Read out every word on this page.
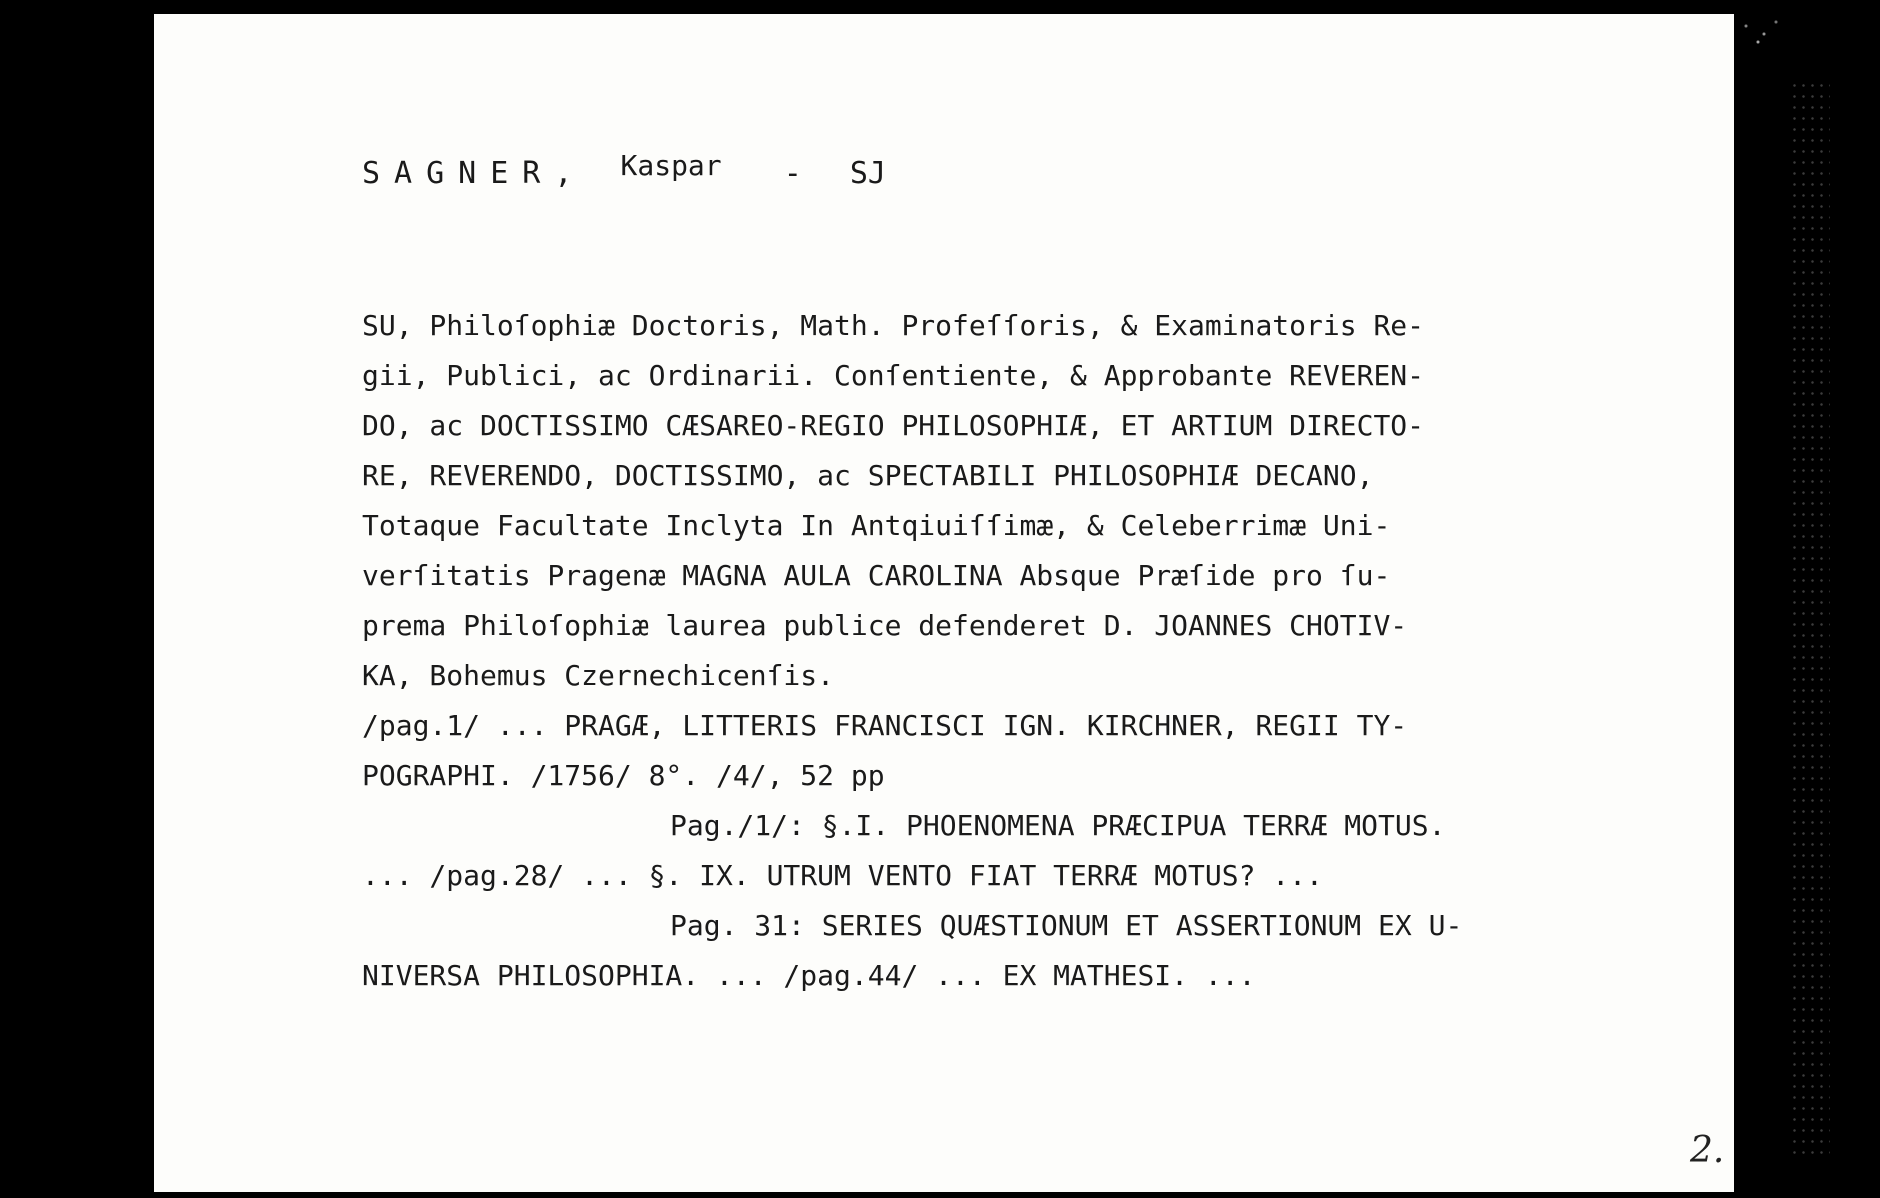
SAGNER, Kaspar - SJ
SU, Philoſophiæ Doctoris, Math. Profeſſoris, & Examinatoris Re-
gii, Publici, ac Ordinarii. Conſentiente, & Approbante REVEREN-
DO, ac DOCTISSIMO CÆSAREO-REGIO PHILOSOPHIÆ, ET ARTIUM DIRECTO-
RE, REVERENDO, DOCTISSIMO, ac SPECTABILI PHILOSOPHIÆ DECANO,
Totaque Facultate Inclyta In Antqiuiſſimæ, & Celeberrimæ Uni-
verſitatis Pragenæ MAGNA AULA CAROLINA Absque Præſide pro ſu-
prema Philoſophiæ laurea publice defenderet D. JOANNES CHOTIV-
KA, Bohemus Czernechicenſis.
/pag.1/ ... PRAGÆ, LITTERIS FRANCISCI IGN. KIRCHNER, REGII TY-
POGRAPHI. /1756/ 8°. /4/, 52 pp
Pag./1/: §.I. PHOENOMENA PRÆCIPUA TERRÆ MOTUS.
... /pag.28/ ... §. IX. UTRUM VENTO FIAT TERRÆ MOTUS? ...
Pag. 31: SERIES QUÆSTIONUM ET ASSERTIONUM EX U-
NIVERSA PHILOSOPHIA. ... /pag.44/ ... EX MATHESI. ...
2.
